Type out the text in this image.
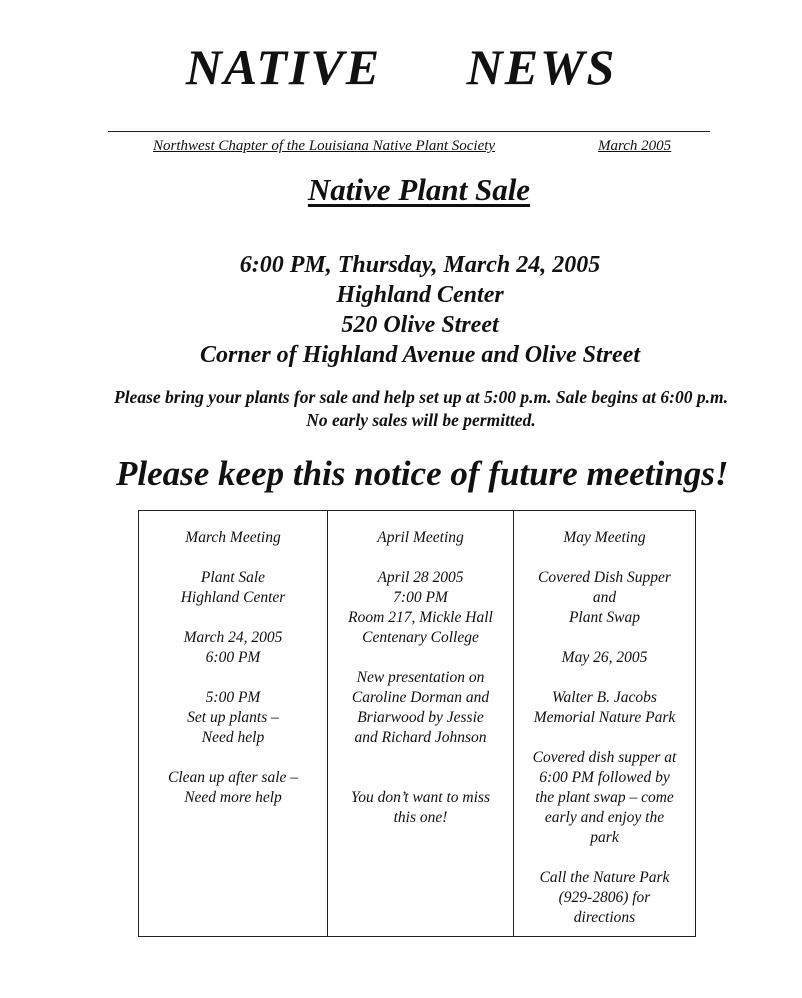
NATIVE   NEWS
Northwest Chapter of the Louisiana Native Plant Society	March 2005
Native Plant Sale
6:00 PM, Thursday, March 24, 2005
Highland Center
520 Olive Street
Corner of Highland Avenue and Olive Street
Please bring your plants for sale and help set up at 5:00 p.m. Sale begins at 6:00 p.m. No early sales will be permitted.
Please keep this notice of future meetings!
March Meeting
Plant Sale
Highland Center
March 24, 2005
6:00 PM
5:00 PM
Set up plants –
Need help
Clean up after sale –
Need more help
April Meeting
April 28 2005
7:00 PM
Room 217, Mickle Hall
Centenary College
New presentation on
Caroline Dorman and
Briarwood by Jessie
and Richard Johnson
You don’t want to miss
this one!
May Meeting
Covered Dish Supper
and
Plant Swap
May 26, 2005
Walter B. Jacobs
Memorial Nature Park
Covered dish supper at
6:00 PM followed by
the plant swap – come
early and enjoy the
park
Call the Nature Park
(929-2806) for
directions
